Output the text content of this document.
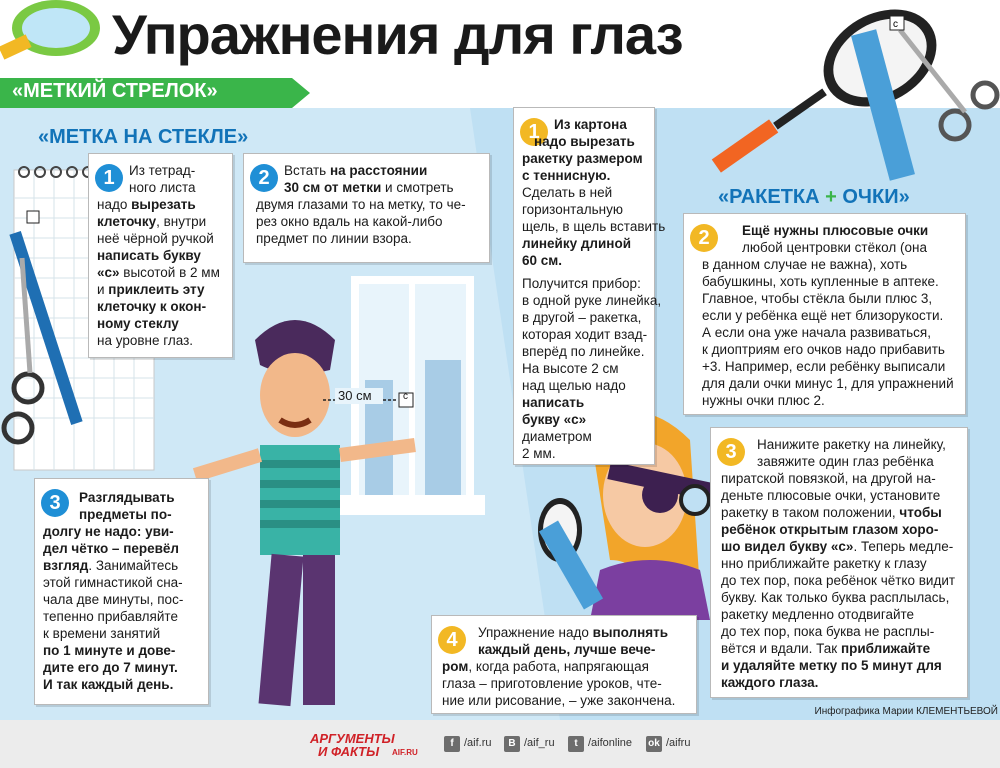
Упражнения для глаз
«МЕТКИЙ СТРЕЛОК»
с
«МЕТКА НА СТЕКЛЕ»
«РАКЕТКА + ОЧКИ»
30 см	с
1	Из тетрад-
ного листа
надо вырезать
клеточку, внутри
неё чёрной ручкой
написать букву
«с» высотой в 2 мм
и приклеить эту
клеточку к окон-
ному стеклу
на уровне глаз.
2	Встать на расстоянии
30 см от метки и смотреть
двумя глазами то на метку, то че-
рез окно вдаль на какой-либо
предмет по линии взора.
3	Разглядывать
предметы по-
долгу не надо: уви-
дел чётко – перевёл
взгляд. Занимайтесь
этой гимнастикой сна-
чала две минуты, пос-
тепенно прибавляйте
к времени занятий
по 1 минуте и дове-
дите его до 7 минут.
И так каждый день.
1	Из картона
надо вырезать
ракетку размером
с теннисную.
Сделать в ней
горизонтальную
щель, в щель вставить
линейку длиной
60 см.
Получится прибор:
в одной руке линейка,
в другой – ракетка,
которая ходит взад-
вперёд по линейке.
На высоте 2 см
над щелью надо
написать
букву «с»
диаметром
2 мм.
2	Ещё нужны плюсовые очки
любой центровки стёкол (она
в данном случае не важна), хоть
бабушкины, хоть купленные в аптеке.
Главное, чтобы стёкла были плюс 3,
если у ребёнка ещё нет близорукости.
А если она уже начала развиваться,
к диоптриям его очков надо прибавить
+3. Например, если ребёнку выписали
для дали очки минус 1, для упражнений
нужны очки плюс 2.
3	Нанижите ракетку на линейку,
завяжите один глаз ребёнка
пиратской повязкой, на другой на-
деньте плюсовые очки, установите
ракетку в таком положении, чтобы
ребёнок открытым глазом хоро-
шо видел букву «с». Теперь медле-
нно приближайте ракетку к глазу
до тех пор, пока ребёнок чётко видит
букву. Как только буква расплылась,
ракетку медленно отодвигайте
до тех пор, пока буква не расплы-
вётся и вдали. Так приближайте
и удаляйте метку по 5 минут для
каждого глаза.
4	Упражнение надо выполнять
каждый день, лучше вече-
ром, когда работа, напрягающая
глаза – приготовление уроков, чте-
ние или рисование, – уже закончена.
Инфографика Марии КЛЕМЕНТЬЕВОЙ
АРГУМЕНТЫ
И ФАКТЫ AIF.RU
f /aif.ru	B /aif_ru	t /aifonline ok /aifru
